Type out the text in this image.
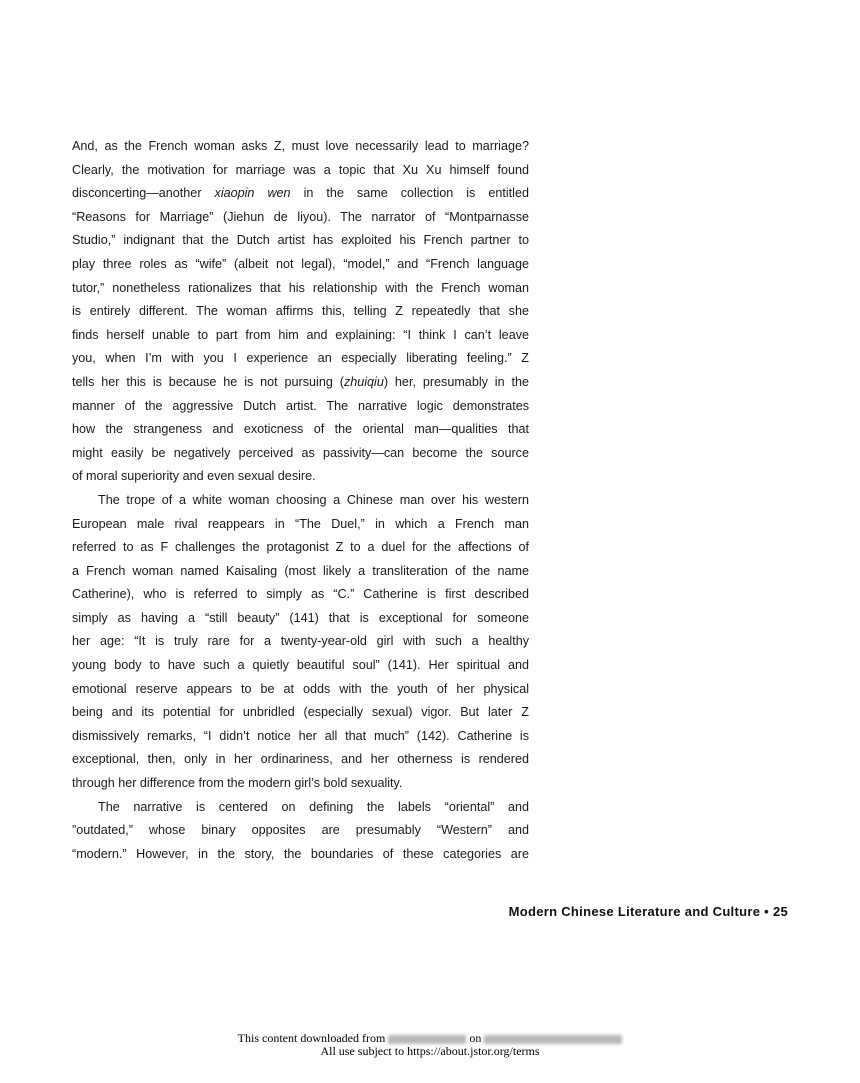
And, as the French woman asks Z, must love necessarily lead to marriage?
Clearly, the motivation for marriage was a topic that Xu Xu himself found
disconcerting—another xiaopin wen in the same collection is entitled
“Reasons for Marriage” (Jiehun de liyou). The narrator of “Montparnasse
Studio,” indignant that the Dutch artist has exploited his French partner to
play three roles as “wife” (albeit not legal), “model,” and “French language
tutor,” nonetheless rationalizes that his relationship with the French woman
is entirely different. The woman affirms this, telling Z repeatedly that she
finds herself unable to part from him and explaining: “I think I can’t leave
you, when I’m with you I experience an especially liberating feeling.” Z
tells her this is because he is not pursuing (zhuiqiu) her, presumably in the
manner of the aggressive Dutch artist. The narrative logic demonstrates
how the strangeness and exoticness of the oriental man—qualities that
might easily be negatively perceived as passivity—can become the source
of moral superiority and even sexual desire.
The trope of a white woman choosing a Chinese man over his western
European male rival reappears in “The Duel,” in which a French man
referred to as F challenges the protagonist Z to a duel for the affections of
a French woman named Kaisaling (most likely a transliteration of the name
Catherine), who is referred to simply as “C.” Catherine is first described
simply as having a “still beauty” (141) that is exceptional for someone
her age: “It is truly rare for a twenty-year-old girl with such a healthy
young body to have such a quietly beautiful soul” (141). Her spiritual and
emotional reserve appears to be at odds with the youth of her physical
being and its potential for unbridled (especially sexual) vigor. But later Z
dismissively remarks, “I didn’t notice her all that much” (142). Catherine is
exceptional, then, only in her ordinariness, and her otherness is rendered
through her difference from the modern girl’s bold sexuality.
The narrative is centered on defining the labels “oriental” and
”outdated,” whose binary opposites are presumably “Western” and
“modern.” However, in the story, the boundaries of these categories are
Modern Chinese Literature and Culture • 25
This content downloaded from	on
All use subject to https://about.jstor.org/terms
